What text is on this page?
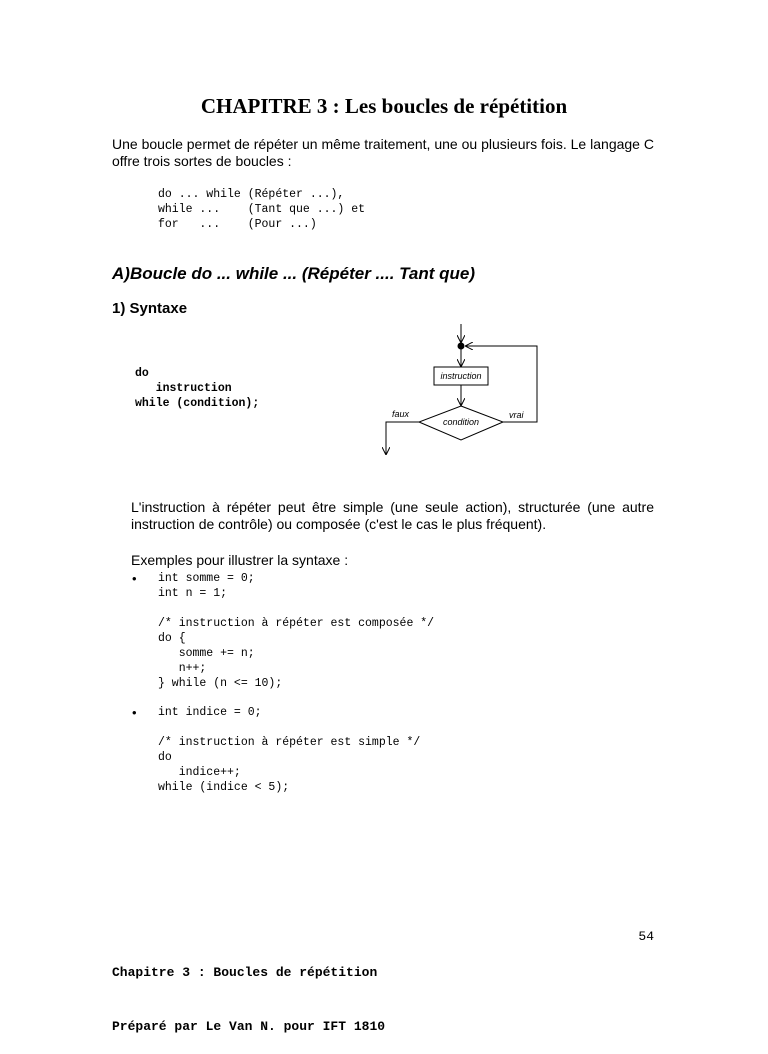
CHAPITRE 3 : Les boucles de répétition
Une boucle permet de répéter un même traitement, une ou plusieurs fois. Le langage C offre trois sortes de boucles :
do ... while (Répéter ...),
while ...    (Tant que ...) et
for   ...    (Pour ...)
A)Boucle do ... while ... (Répéter .... Tant que)
1) Syntaxe
do
instruction
while (condition);
instruction
condition
vrai
faux
L'instruction à répéter peut être simple (une seule action), structurée (une autre instruction de contrôle) ou composée (c'est le cas le plus fréquent).
Exemples pour illustrer la syntaxe :
• int somme = 0;
int n = 1;

/* instruction à répéter est composée */
do {
somme += n;
n++;
} while (n <= 10);
• int indice = 0;

/* instruction à répéter est simple */
do
indice++;
while (indice < 5);

Chapitre 3 : Boucles de répétition

Préparé par Le Van N. pour IFT 1810

54
